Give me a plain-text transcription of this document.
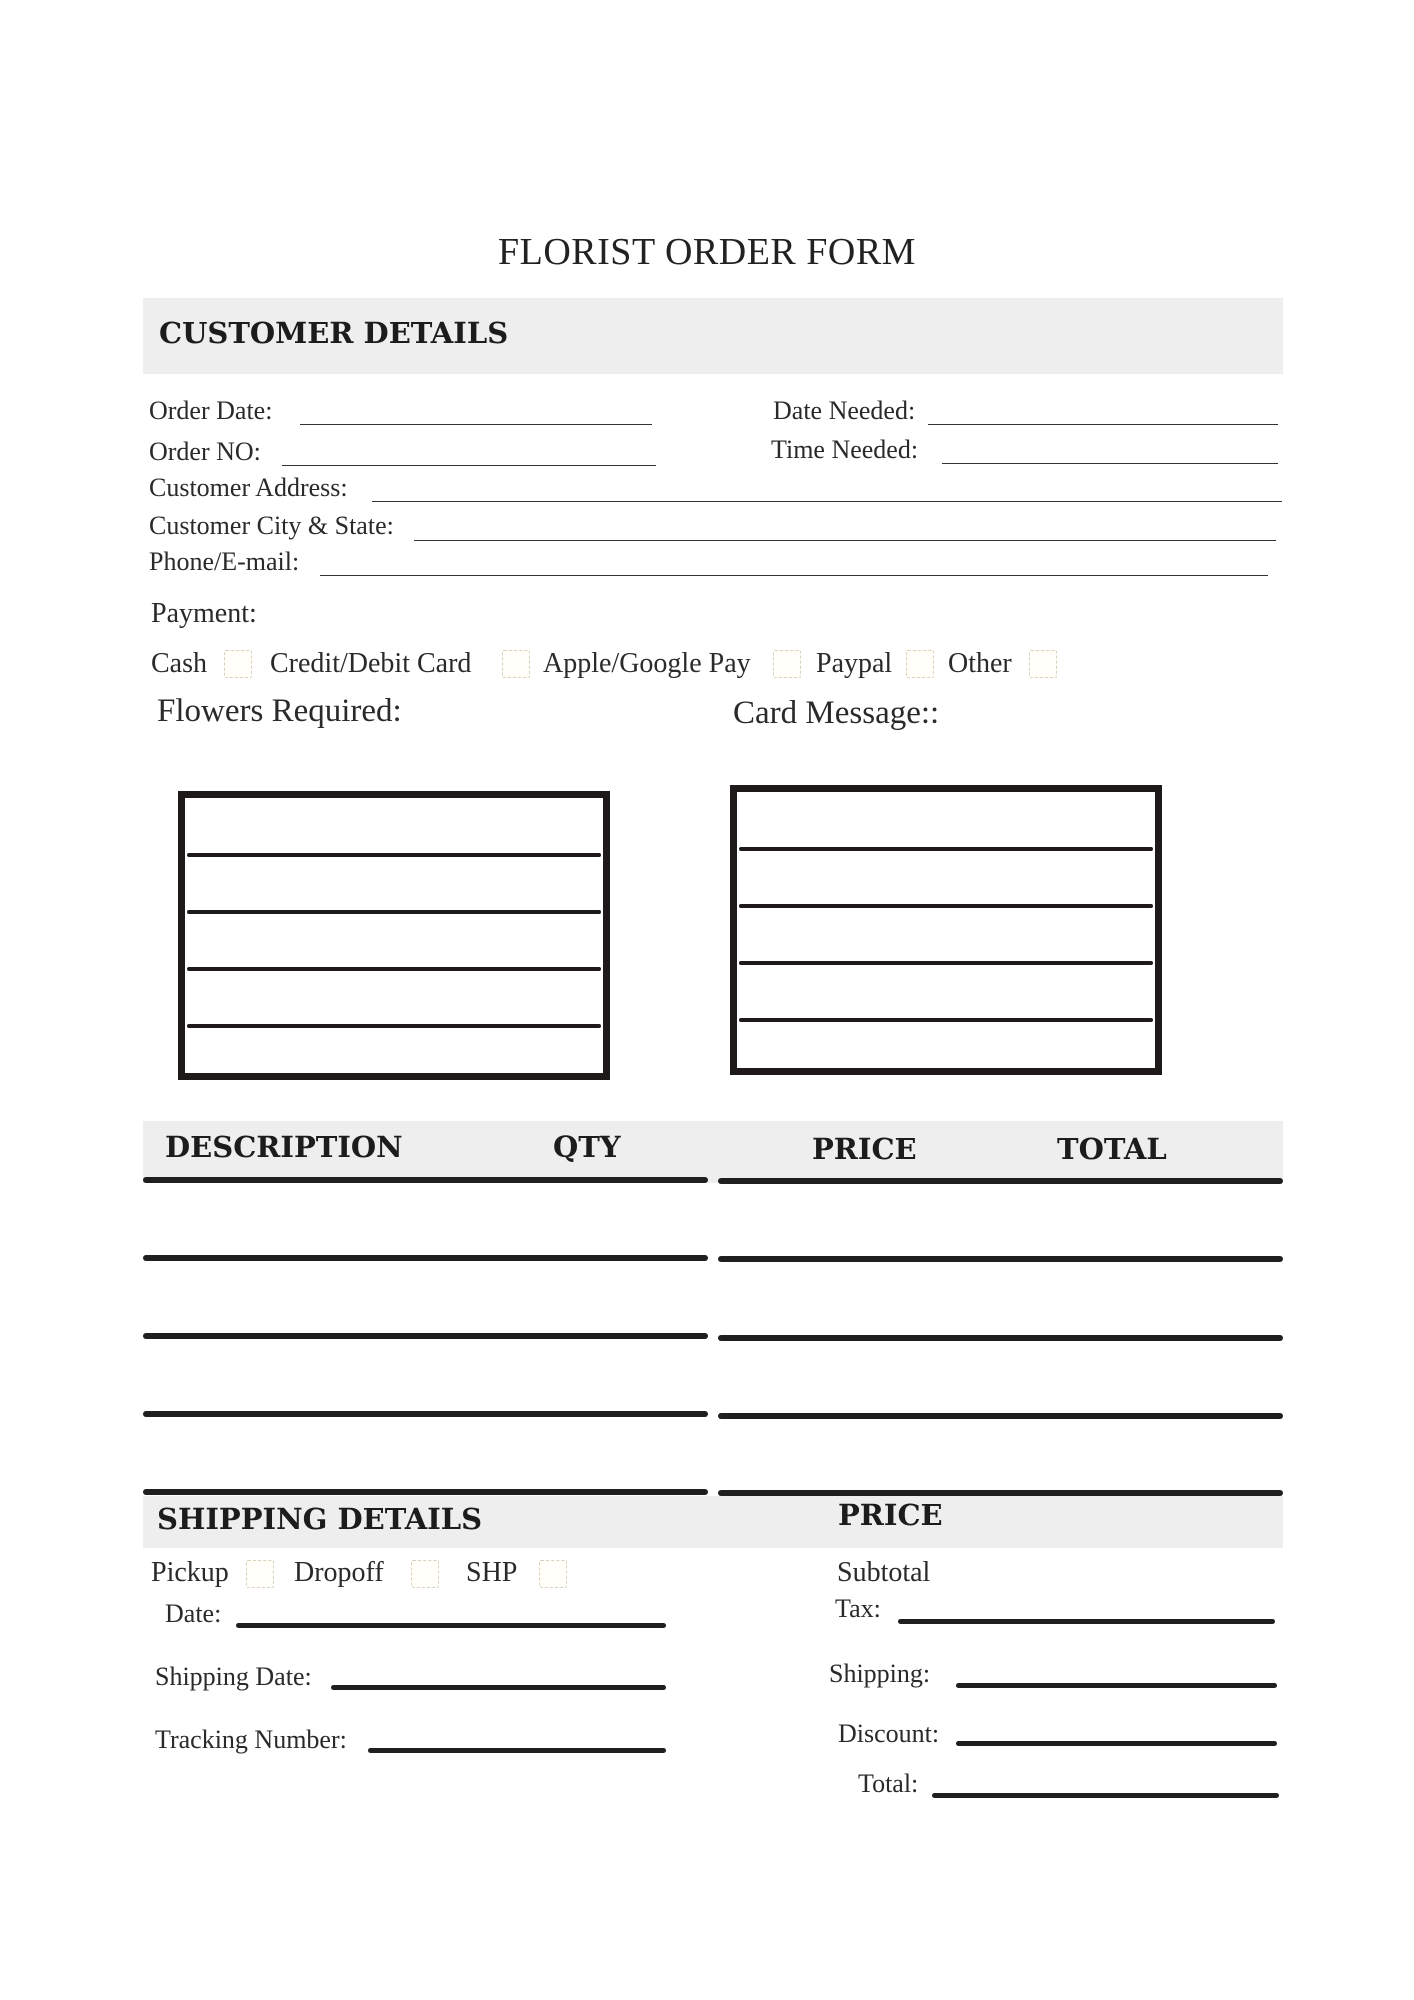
FLORIST ORDER FORM
CUSTOMER DETAILS
Order Date:	Date Needed:
Order NO:	Time Needed:
Customer Address:
Customer City & State:
Phone/E-mail:
Payment:
Cash Credit/Debit Card	Apple/Google Pay Paypal Other
Flowers Required:	Card Message::
DESCRIPTION	QTY	PRICE	TOTAL
SHIPPING DETAILS	PRICE
Pickup Dropoff	SHP
Date:
Shipping Date:
Tracking Number:
Subtotal
Tax:
Shipping:
Discount:
Total:
